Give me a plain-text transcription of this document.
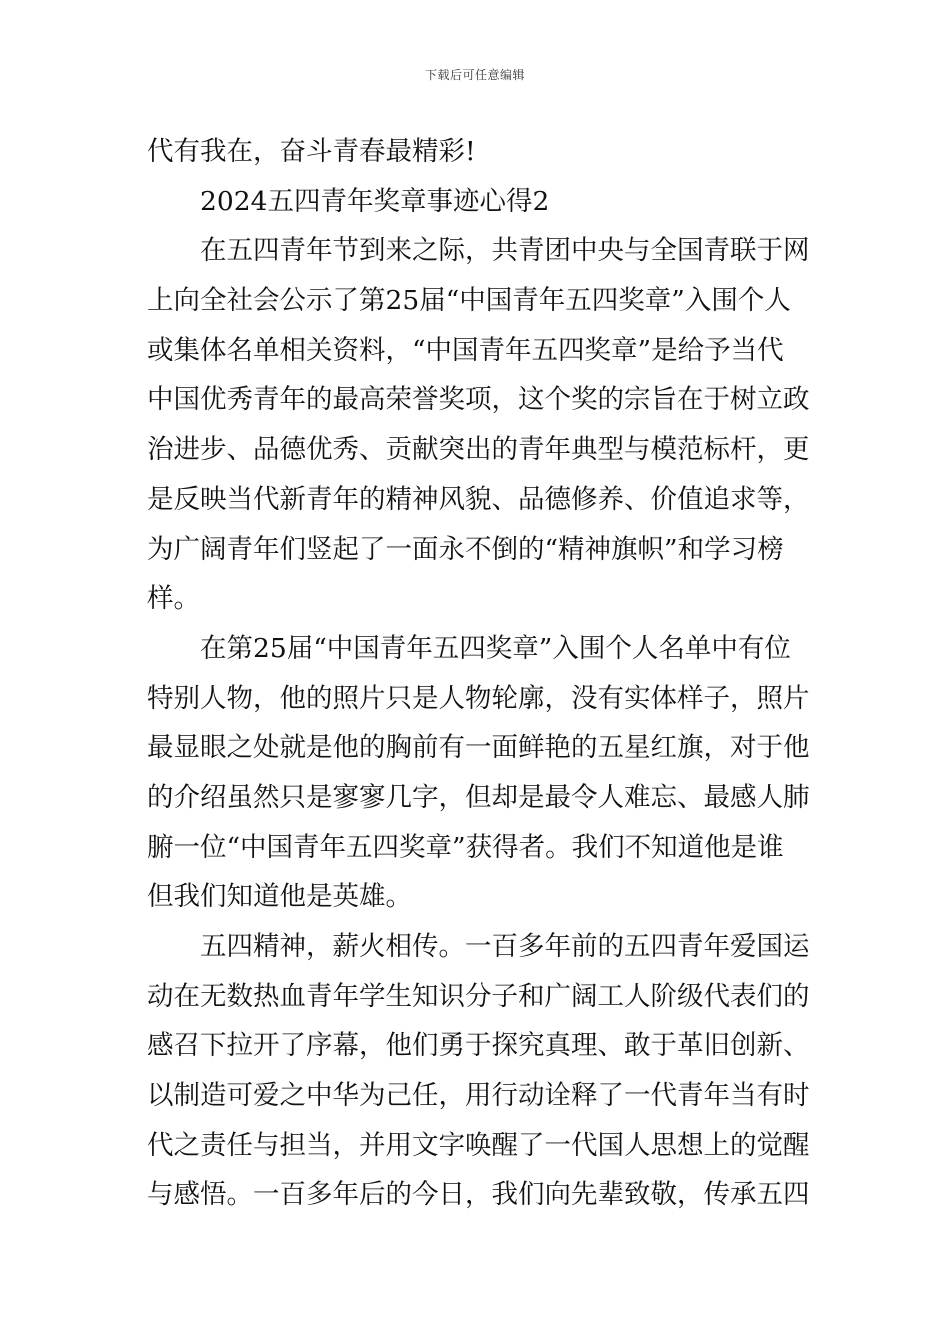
下载后可任意编辑
代有我在，奋斗青春最精彩!
2024五四青年奖章事迹心得2
在五四青年节到来之际，共青团中央与全国青联于网
上向全社会公示了第25届“中国青年五四奖章”入围个人
或集体名单相关资料，“中国青年五四奖章”是给予当代
中国优秀青年的最高荣誉奖项，这个奖的宗旨在于树立政
治进步、品德优秀、贡献突出的青年典型与模范标杆，更
是反映当代新青年的精神风貌、品德修养、价值追求等，
为广阔青年们竖起了一面永不倒的“精神旗帜”和学习榜
样。
在第25届“中国青年五四奖章”入围个人名单中有位
特别人物，他的照片只是人物轮廓，没有实体样子，照片
最显眼之处就是他的胸前有一面鲜艳的五星红旗，对于他
的介绍虽然只是寥寥几字，但却是最令人难忘、最感人肺
腑一位“中国青年五四奖章”获得者。我们不知道他是谁
但我们知道他是英雄。
五四精神，薪火相传。一百多年前的五四青年爱国运
动在无数热血青年学生知识分子和广阔工人阶级代表们的
感召下拉开了序幕，他们勇于探究真理、敢于革旧创新、
以制造可爱之中华为己任，用行动诠释了一代青年当有时
代之责任与担当，并用文字唤醒了一代国人思想上的觉醒
与感悟。一百多年后的今日，我们向先辈致敬，传承五四
